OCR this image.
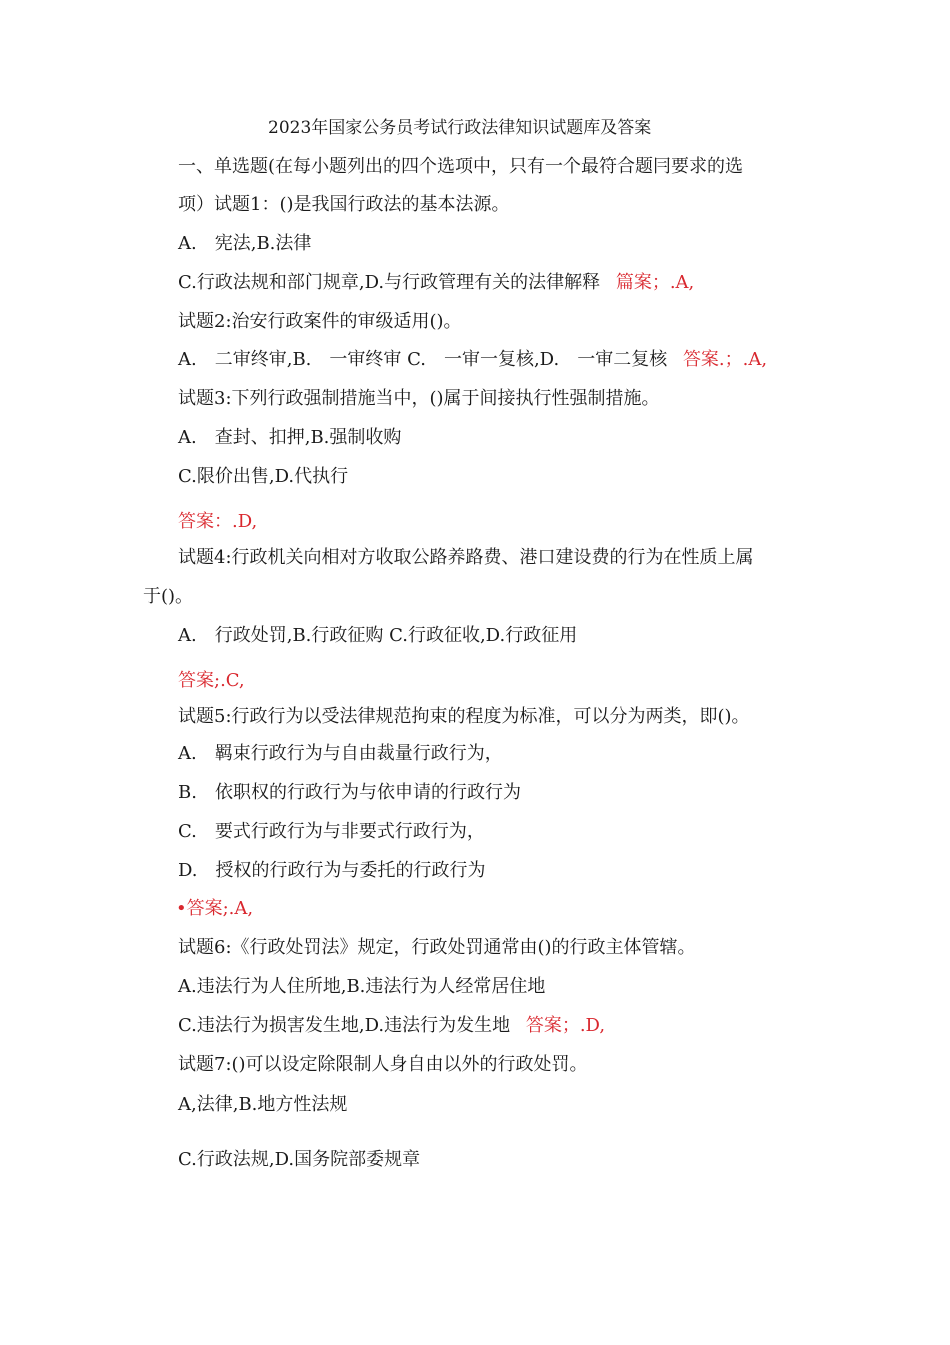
2023年国家公务员考试行政法律知识试题库及答案
一、单选题(在每小题列出的四个选项中，只有一个最符合题冃要求的选
项）试题1：()是我国行政法的基本法源。
A.　宪法,B.法律
C.行政法规和部门规章,D.与行政管理有关的法律解释 篇案；.A,
试题2:治安行政案件的审级适用()。
A.　二审终审,B.　一审终审 C.　一审一复核,D.　一审二复核 答案.；.A,
试题3:下列行政强制措施当中，()属于间接执行性强制措施。
A.　查封、扣押,B.强制收购
C.限价出售,D.代执行
答案：.D,
试题4:行政机关向相对方收取公路养路费、港口建设费的行为在性质上属
于()。
A.　行政处罚,B.行政征购 C.行政征收,D.行政征用
答案;.C,
试题5:行政行为以受法律规范拘束的程度为标准，可以分为两类，即()。
A.　羁束行政行为与自由裁量行政行为，
B.　依职权的行政行为与依申请的行政行为
C.　要式行政行为与非要式行政行为，
D.　授权的行政行为与委托的行政行为
•答案;.A,
试题6:《行政处罚法》规定，行政处罚通常由()的行政主体管辖。
A.违法行为人住所地,B.违法行为人经常居住地
C.违法行为损害发生地,D.违法行为发生地 答案；.D,
试题7:()可以设定除限制人身自由以外的行政处罚。
A,法律,B.地方性法规
C.行政法规,D.国务院部委规章
